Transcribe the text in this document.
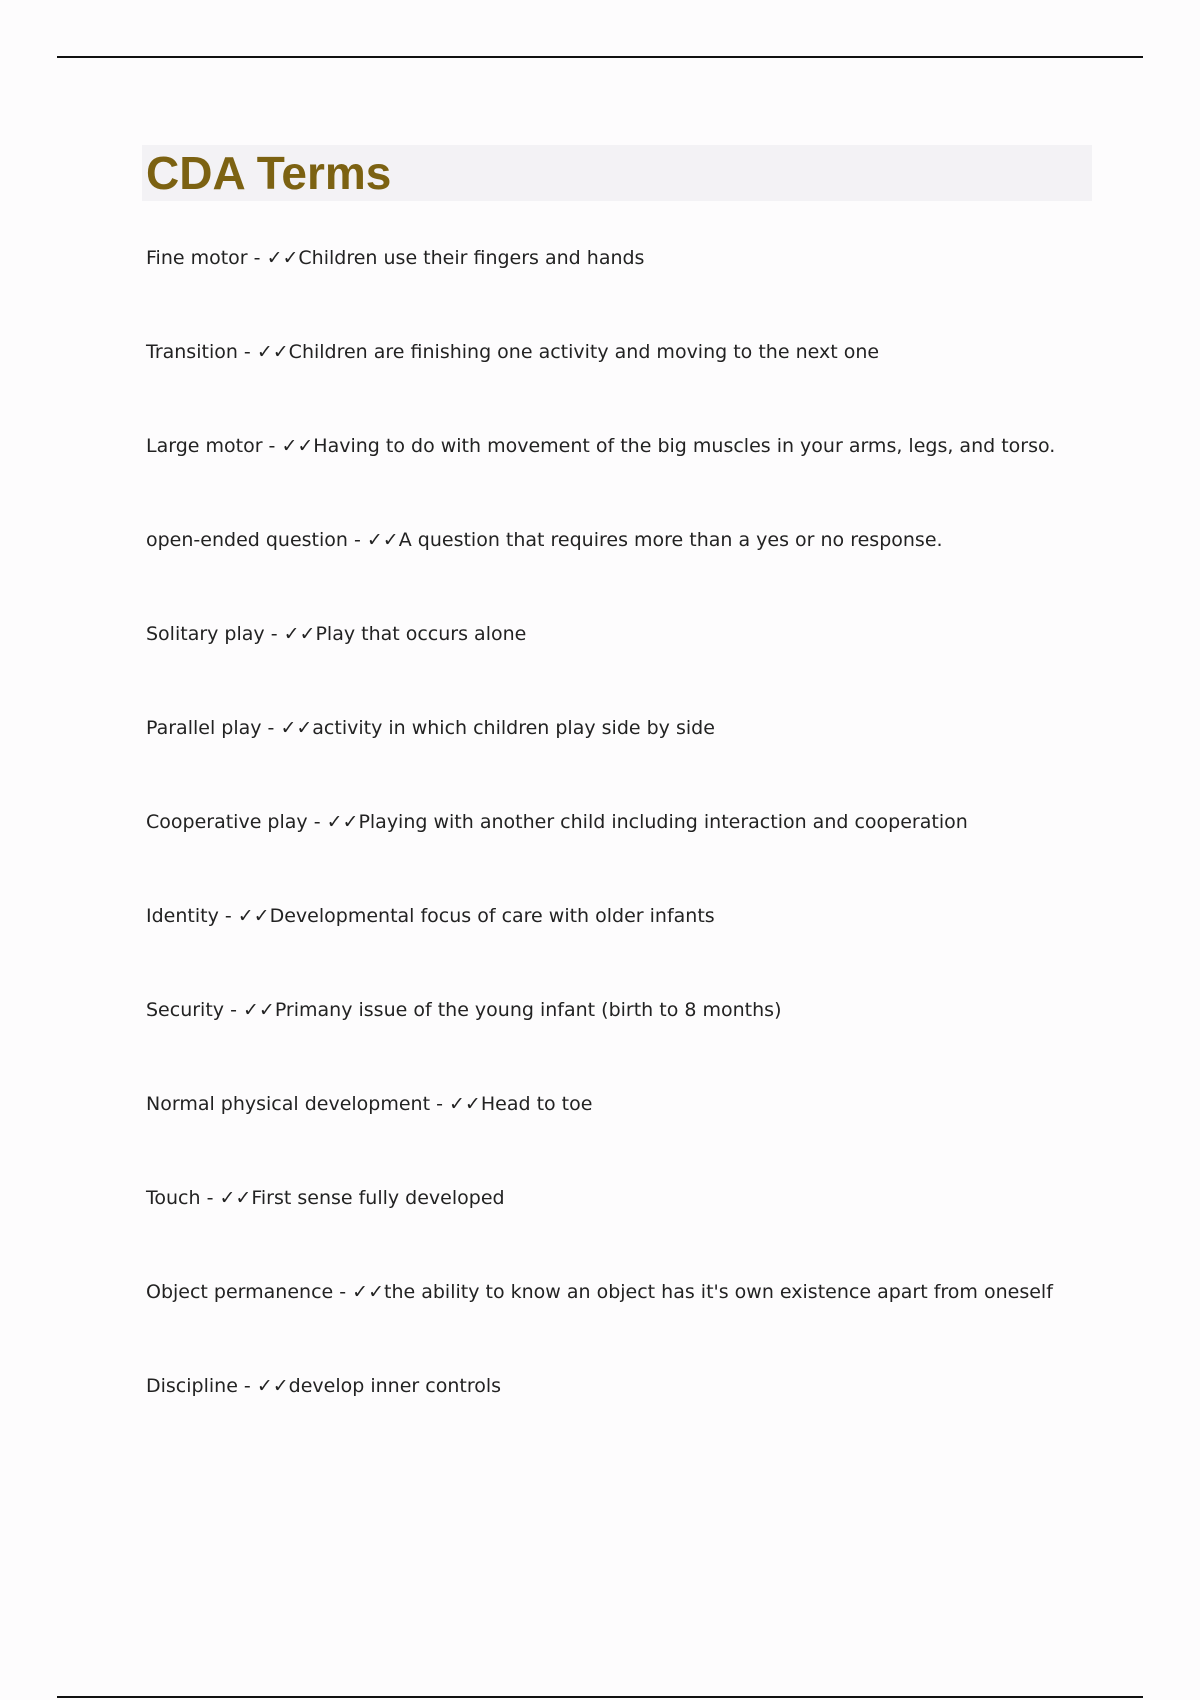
CDA Terms
Fine motor - ✓✓Children use their fingers and hands
Transition - ✓✓Children are finishing one activity and moving to the next one
Large motor - ✓✓Having to do with movement of the big muscles in your arms, legs, and torso.
open-ended question - ✓✓A question that requires more than a yes or no response.
Solitary play - ✓✓Play that occurs alone
Parallel play - ✓✓activity in which children play side by side
Cooperative play - ✓✓Playing with another child including interaction and cooperation
Identity - ✓✓Developmental focus of care with older infants
Security - ✓✓Primany issue of the young infant (birth to 8 months)
Normal physical development - ✓✓Head to toe
Touch - ✓✓First sense fully developed
Object permanence - ✓✓the ability to know an object has it's own existence apart from oneself
Discipline - ✓✓develop inner controls
